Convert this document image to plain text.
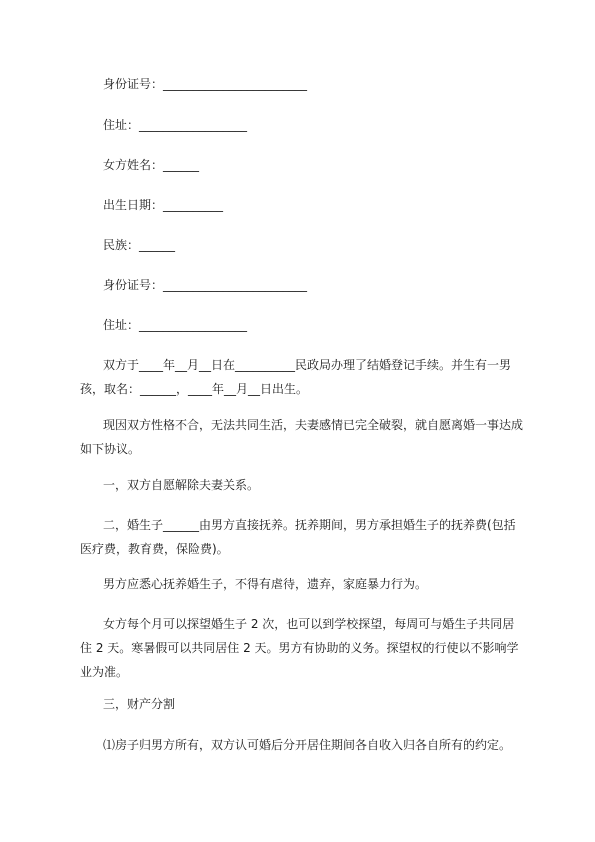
身份证号：________________________

住址：__________________

女方姓名：______

出生日期：__________

民族：______

身份证号：________________________

住址：__________________

双方于____年__月__日在__________民政局办理了结婚登记手续。并生有一男孩，取名：______，____年__月__日出生。

现因双方性格不合，无法共同生活，夫妻感情已完全破裂，就自愿离婚一事达成如下协议。

一，双方自愿解除夫妻关系。

二，婚生子______由男方直接抚养。抚养期间，男方承担婚生子的抚养费(包括医疗费，教育费，保险费)。

男方应悉心抚养婚生子，不得有虐待，遗弃，家庭暴力行为。

女方每个月可以探望婚生子 2 次，也可以到学校探望，每周可与婚生子共同居住 2 天。寒暑假可以共同居住 2 天。男方有协助的义务。探望权的行使以不影响学业为准。

三，财产分割

⑴房子归男方所有，双方认可婚后分开居住期间各自收入归各自所有的约定。
